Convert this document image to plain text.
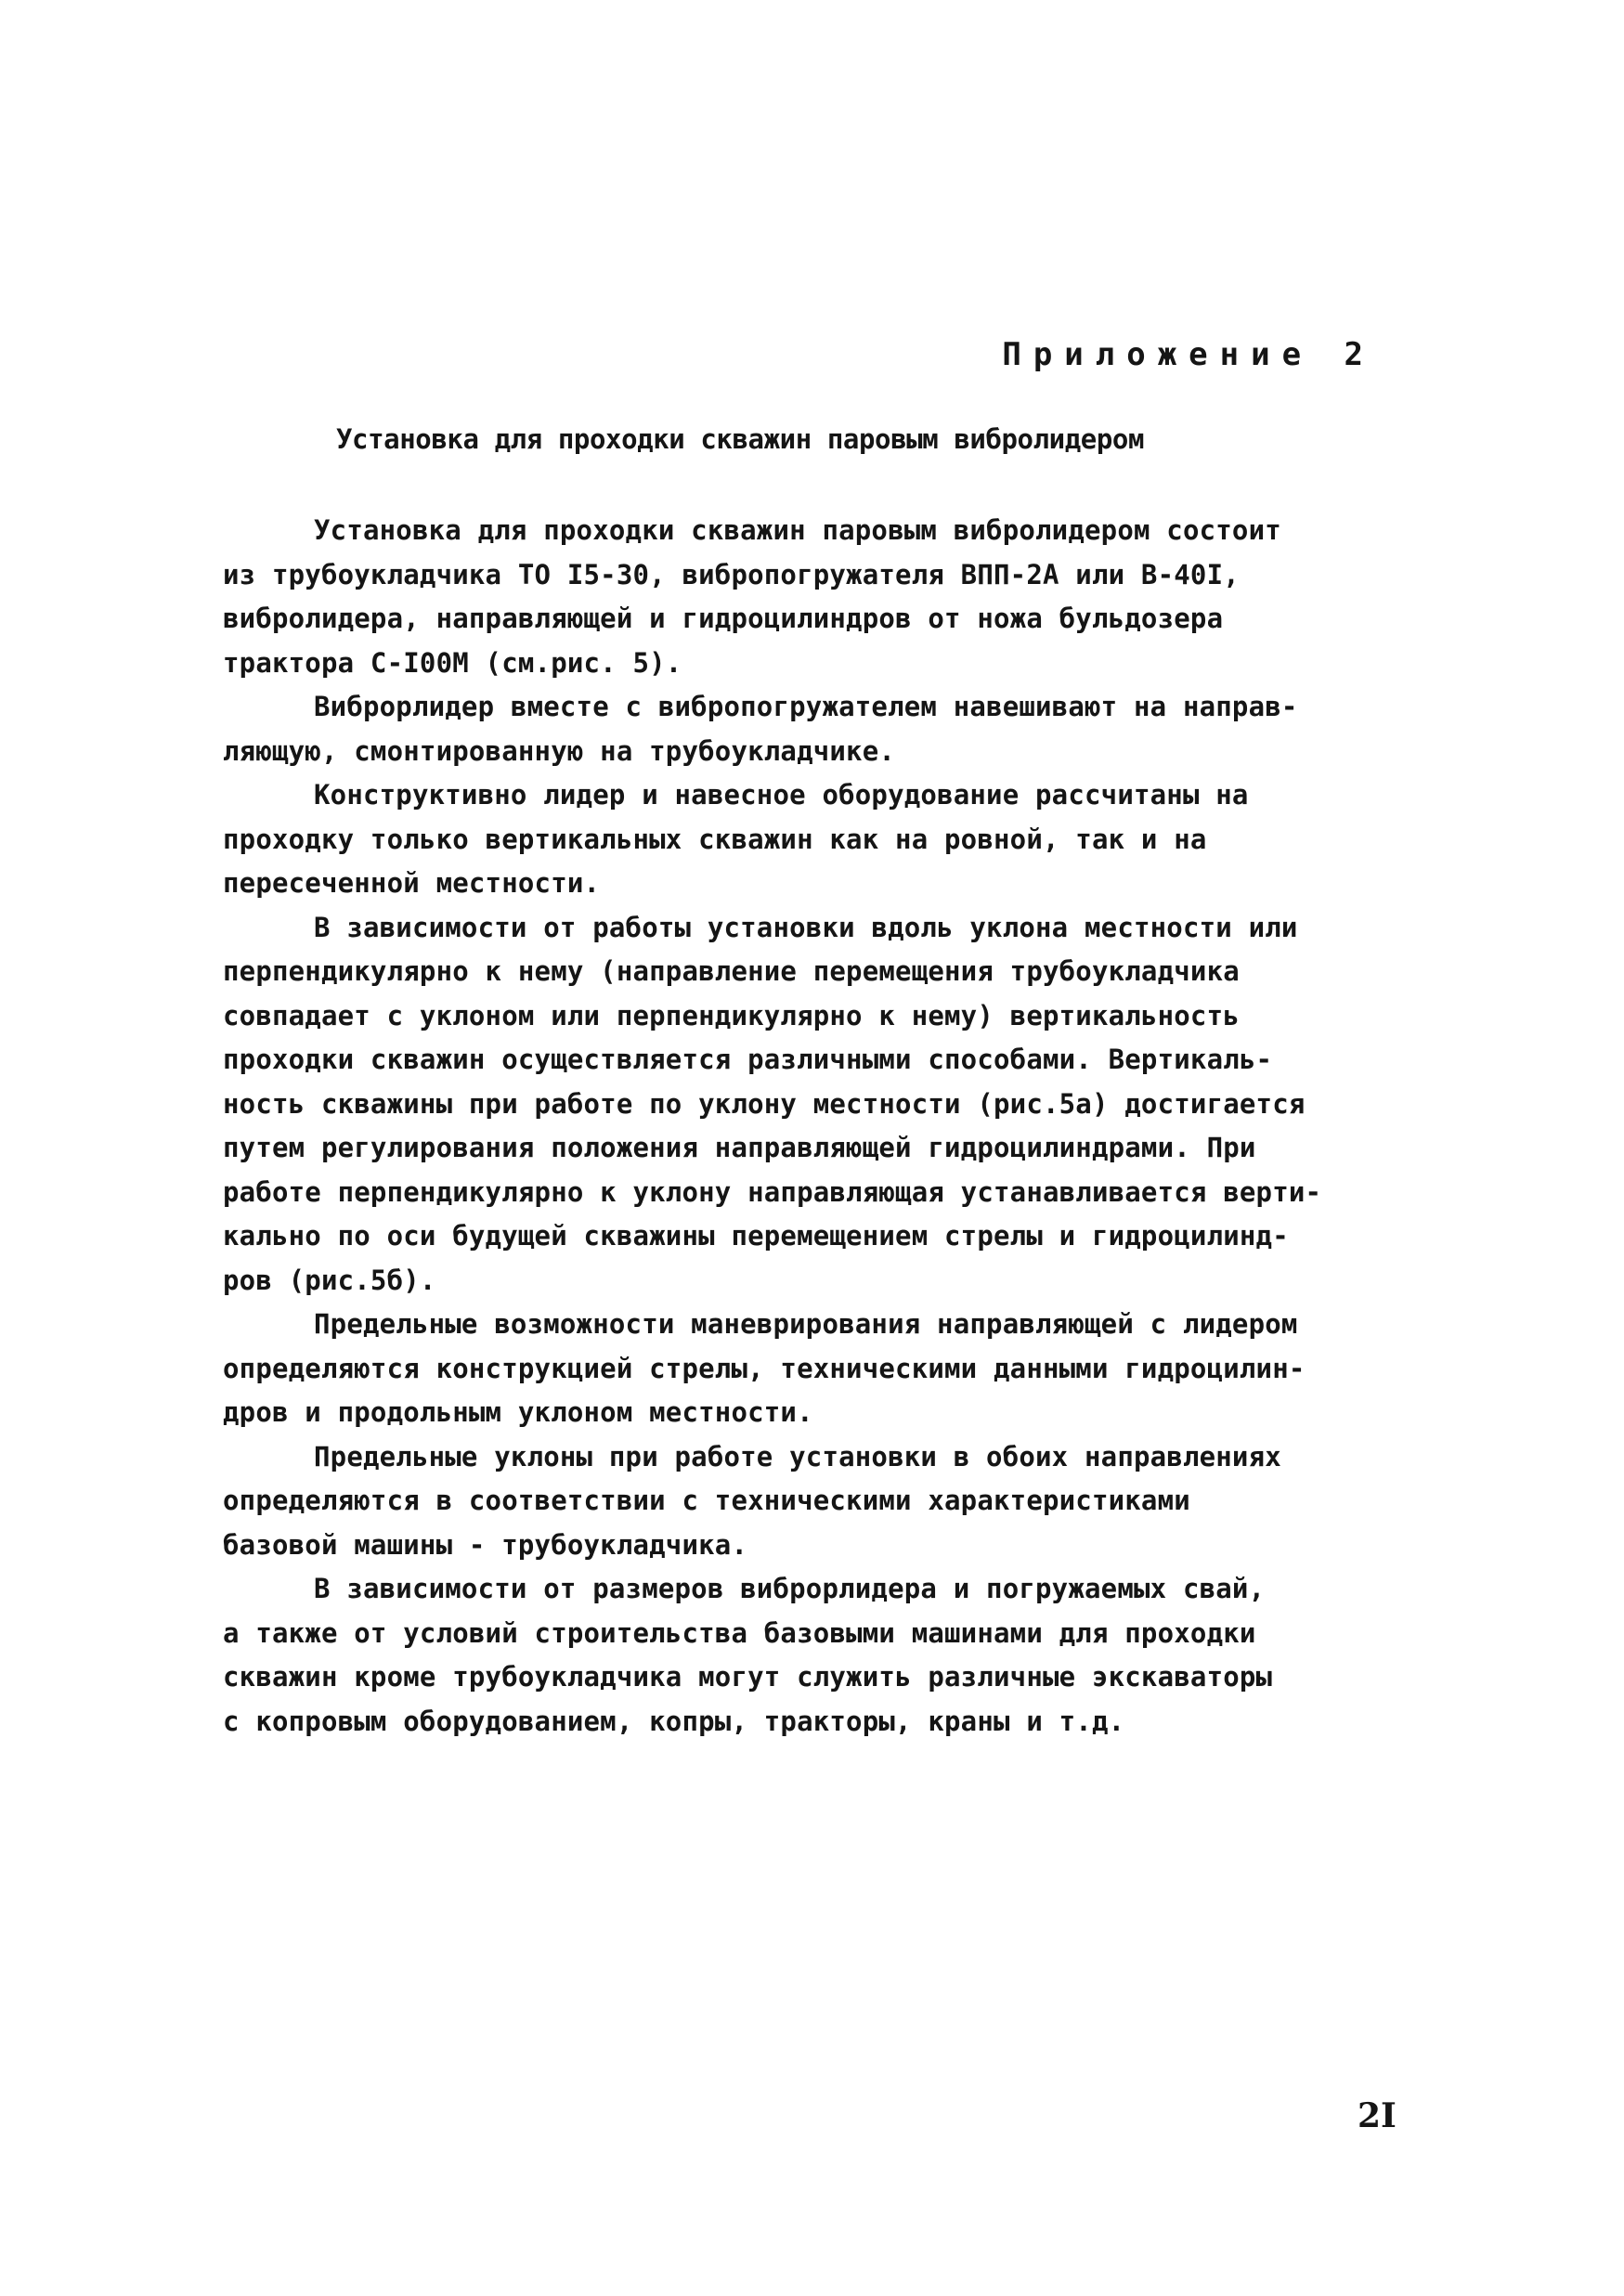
Приложение 2
Установка для проходки скважин паровым вибролидером
Установка для проходки скважин паровым вибролидером состоит
из трубоукладчика ТО I5-30, вибропогружателя ВПП-2А или В-40I,
вибролидера, направляющей и гидроцилиндров от ножа бульдозера
трактора С-I00М (см.рис. 5).
Виброрлидер вместе с вибропогружателем навешивают на направ-
ляющую, смонтированную на трубоукладчике.
Конструктивно лидер и навесное оборудование рассчитаны на
проходку только вертикальных скважин как на ровной, так и на
пересеченной местности.
В зависимости от работы установки вдоль уклона местности или
перпендикулярно к нему (направление перемещения трубоукладчика
совпадает с уклоном или перпендикулярно к нему) вертикальность
проходки скважин осуществляется различными способами. Вертикаль-
ность скважины при работе по уклону местности (рис.5а) достигается
путем регулирования положения направляющей гидроцилиндрами. При
работе перпендикулярно к уклону направляющая устанавливается верти-
кально по оси будущей скважины перемещением стрелы и гидроцилинд-
ров (рис.5б).
Предельные возможности маневрирования направляющей с лидером
определяются конструкцией стрелы, техническими данными гидроцилин-
дров и продольным уклоном местности.
Предельные уклоны при работе установки в обоих направлениях
определяются в соответствии с техническими характеристиками
базовой машины - трубоукладчика.
В зависимости от размеров виброрлидера и погружаемых свай,
а также от условий строительства базовыми машинами для проходки
скважин кроме трубоукладчика могут служить различные экскаваторы
с копровым оборудованием, копры, тракторы, краны и т.д.
2I
